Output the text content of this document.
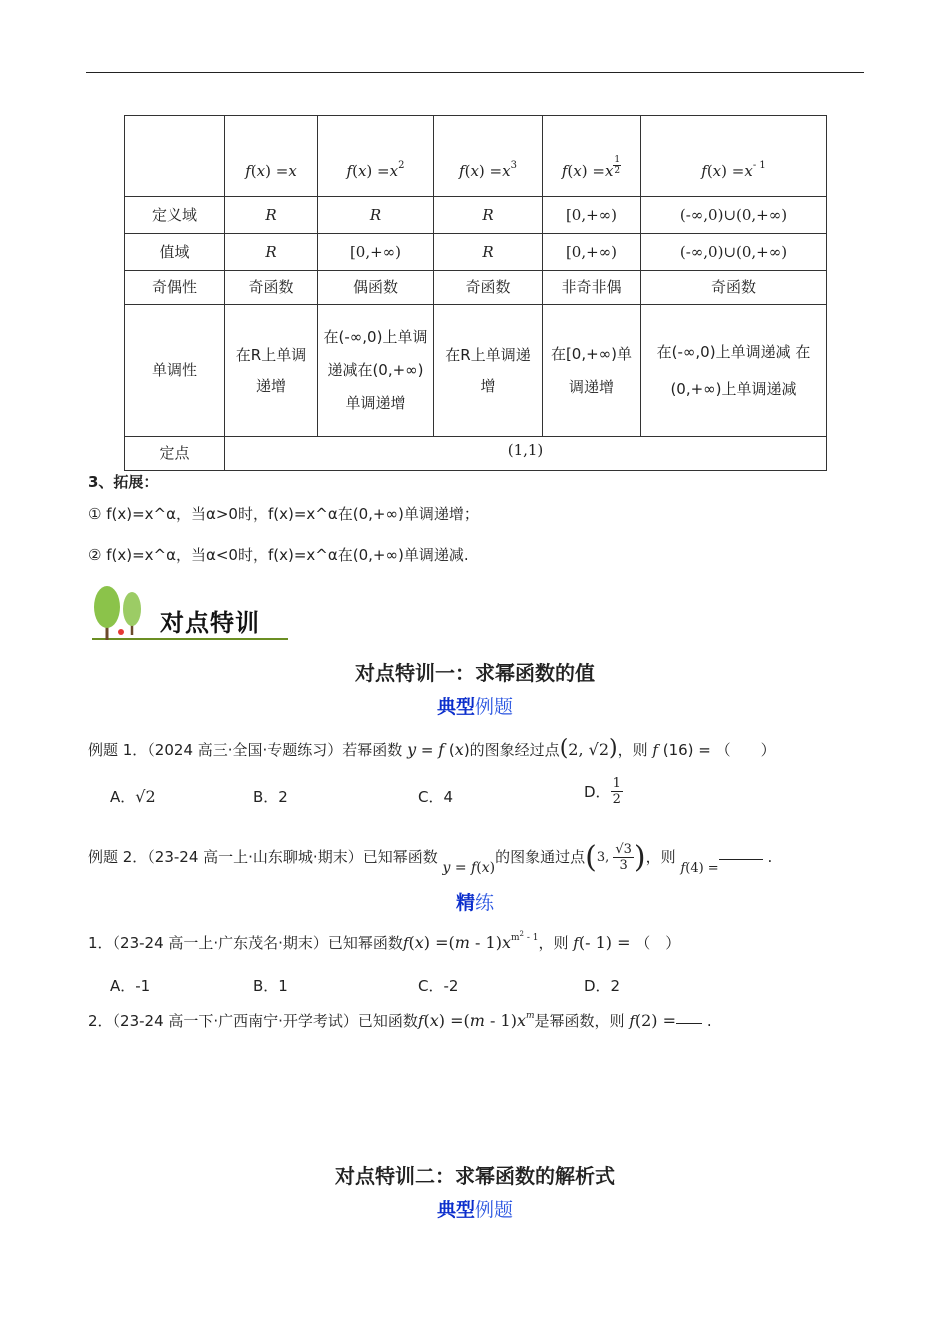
	f(x) =x	$f(x) =x^2$	$f(x) =x^3$	$f(x) =x \frac{1}{2}$	$f(x) =x^{- 1}$
定义域	R	R	R	[0,+∞)	(-∞,0)∪(0,+∞)
值域	R	[0,+∞)	R	[0,+∞)	(-∞,0)∪(0,+∞)
奇偶性	奇函数	偶函数	奇函数	非奇非偶	奇函数
单调性	在R上单调递增	在(-∞,0)上单调递减在(0,+∞)单调递增	在R上单调递增	在[0,+∞)单调递增	在(-∞,0)上单调递减 在(0,+∞)上单调递减
定点	(1,1)				
3、拓展：
① f(x)=x^α，当α>0时，f(x)=x^α在(0,+∞)单调递增；
② f(x)=x^α，当α<0时，f(x)=x^α在(0,+∞)单调递减.
对点特训
对点特训一：求幂函数的值
典型例题
例题 1．（2024 高三·全国·专题练习）若幂函数 y = f (x)的图象经过点(2, √2)，则 f (16) = （　　）
A．√2	B．2	C．4	D． $\frac{1}{2}$
例题 2．（23-24 高一上·山东聊城·期末）已知幂函数 y = f(x)的图象通过点(3, $\frac{√3}{3}$ )，则 f(4) = .
精练
1．（23-24 高一上·广东茂名·期末）已知幂函数$f(x) =(m - 1)x^{m^2 - 1}$，则 f(- 1) = （　）
A．-1	B．1	C．-2	D．2
2．（23-24 高一下·广西南宁·开学考试）已知函数$f(x) =(m - 1)x^m$是幂函数，则 f(2) = .
对点特训二：求幂函数的解析式
典型例题
